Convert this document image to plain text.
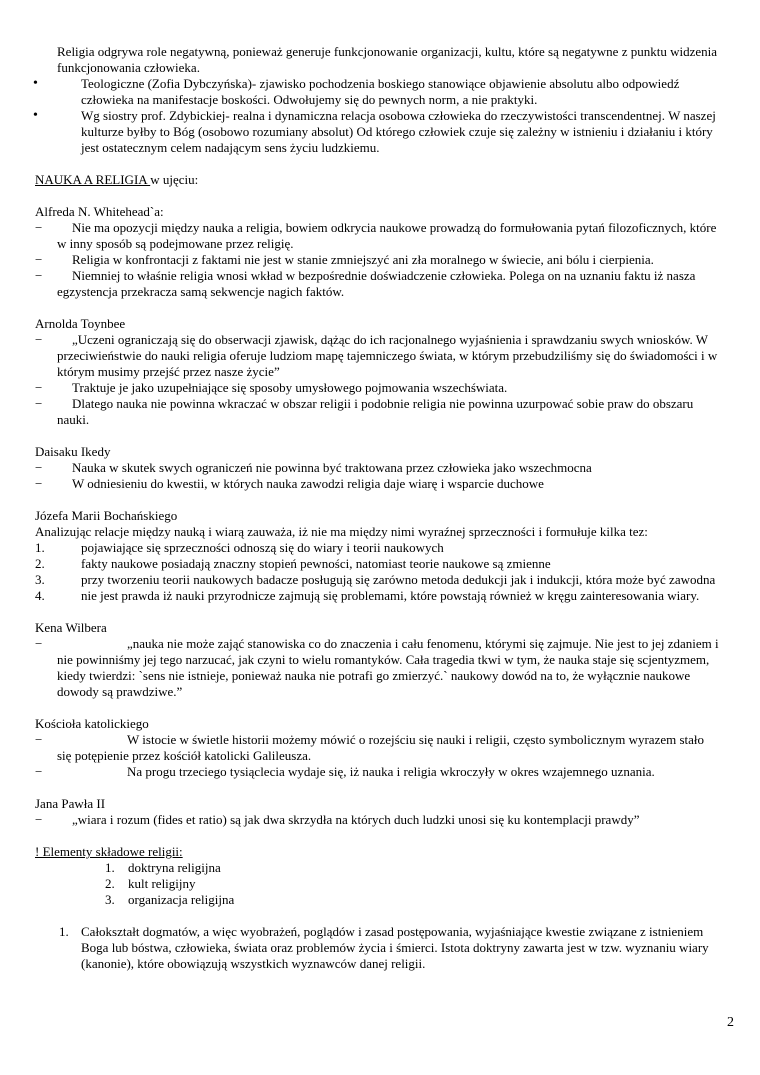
Religia odgrywa role negatywną, ponieważ generuje funkcjonowanie organizacji, kultu, które są negatywne z punktu widzenia funkcjonowania człowieka.

•	Teologiczne (Zofia Dybczyńska)- zjawisko pochodzenia boskiego stanowiące objawienie absolutu albo odpowiedź człowieka na manifestacje boskości. Odwołujemy się do pewnych norm, a nie praktyki.
•	Wg siostry prof. Zdybickiej- realna i dynamiczna relacja osobowa człowieka do rzeczywistości transcendentnej. W naszej kulturze byłby to Bóg (osobowo rozumiany absolut) Od którego człowiek czuje się zależny w istnieniu i działaniu i który jest ostatecznym celem nadającym sens życiu ludzkiemu.

NAUKA A RELIGIA w ujęciu:

Alfreda N. Whitehead`a:

− Nie ma opozycji między nauka a religia, bowiem odkrycia naukowe prowadzą do formułowania pytań filozoficznych, które w inny sposób są podejmowane przez religię.
− Religia w konfrontacji z faktami nie jest w stanie zmniejszyć ani zła moralnego w świecie, ani bólu i cierpienia.
− Niemniej to właśnie religia wnosi wkład w bezpośrednie doświadczenie człowieka. Polega on na uznaniu faktu iż nasza egzystencja przekracza samą sekwencje nagich faktów.

Arnolda Toynbee

− „Uczeni ograniczają się do obserwacji zjawisk, dążąc do ich racjonalnego wyjaśnienia i sprawdzaniu swych wniosków. W przeciwieństwie do nauki religia oferuje ludziom mapę tajemniczego świata, w którym przebudziliśmy się do świadomości i w którym musimy przejść przez nasze życie”
− Traktuje je jako uzupełniające się sposoby umysłowego pojmowania wszechświata.
− Dlatego nauka nie powinna wkraczać w obszar religii i podobnie religia nie powinna uzurpować sobie praw do obszaru nauki.

Daisaku Ikedy

− Nauka w skutek swych ograniczeń nie powinna być traktowana przez człowieka jako wszechmocna
− W odniesieniu do kwestii, w których nauka zawodzi religia daje wiarę i wsparcie duchowe

Józefa Marii Bochańskiego

Analizując relacje między nauką i wiarą zauważa, iż nie ma między nimi wyraźnej sprzeczności i formułuje kilka tez:

1.	pojawiające się sprzeczności odnoszą się do wiary i teorii naukowych
2.	fakty naukowe posiadają znaczny stopień pewności, natomiast teorie naukowe są zmienne
3.	przy tworzeniu teorii naukowych badacze posługują się zarówno metoda dedukcji jak i indukcji, która może być zawodna
4.	nie jest prawda iż nauki przyrodnicze zajmują się problemami, które powstają również w kręgu zainteresowania wiary.

Kena Wilbera

−	„nauka nie może zająć stanowiska co do znaczenia i cału fenomenu, którymi się zajmuje. Nie jest to jej zdaniem i nie powinniśmy jej tego narzucać, jak czyni to wielu romantyków. Cała tragedia tkwi w tym, że nauka staje się scjentyzmem, kiedy twierdzi: `sens nie istnieje, ponieważ nauka nie potrafi go zmierzyć.` naukowy dowód na to, że wyłącznie naukowe dowody są prawdziwe.”

Kościoła katolickiego

−	W istocie w świetle historii możemy mówić o rozejściu się nauki i religii, często symbolicznym wyrazem stało się potępienie przez kościół katolicki Galileusza.
−	Na progu trzeciego tysiąclecia wydaje się, iż nauka i religia wkroczyły w okres wzajemnego uznania.

Jana Pawła II

− „wiara i rozum (fides et ratio) są jak dwa skrzydła na których duch ludzki unosi się ku kontemplacji prawdy”

! Elementy składowe religii:

1. doktryna religijna
2. kult religijny
3. organizacja religijna
1. Całokształt dogmatów, a więc wyobrażeń, poglądów i zasad postępowania, wyjaśniające kwestie związane z istnieniem Boga lub bóstwa, człowieka, świata oraz problemów życia i śmierci. Istota doktryny zawarta jest w tzw. wyznaniu wiary (kanonie), które obowiązują wszystkich wyznawców danej religii.
2
